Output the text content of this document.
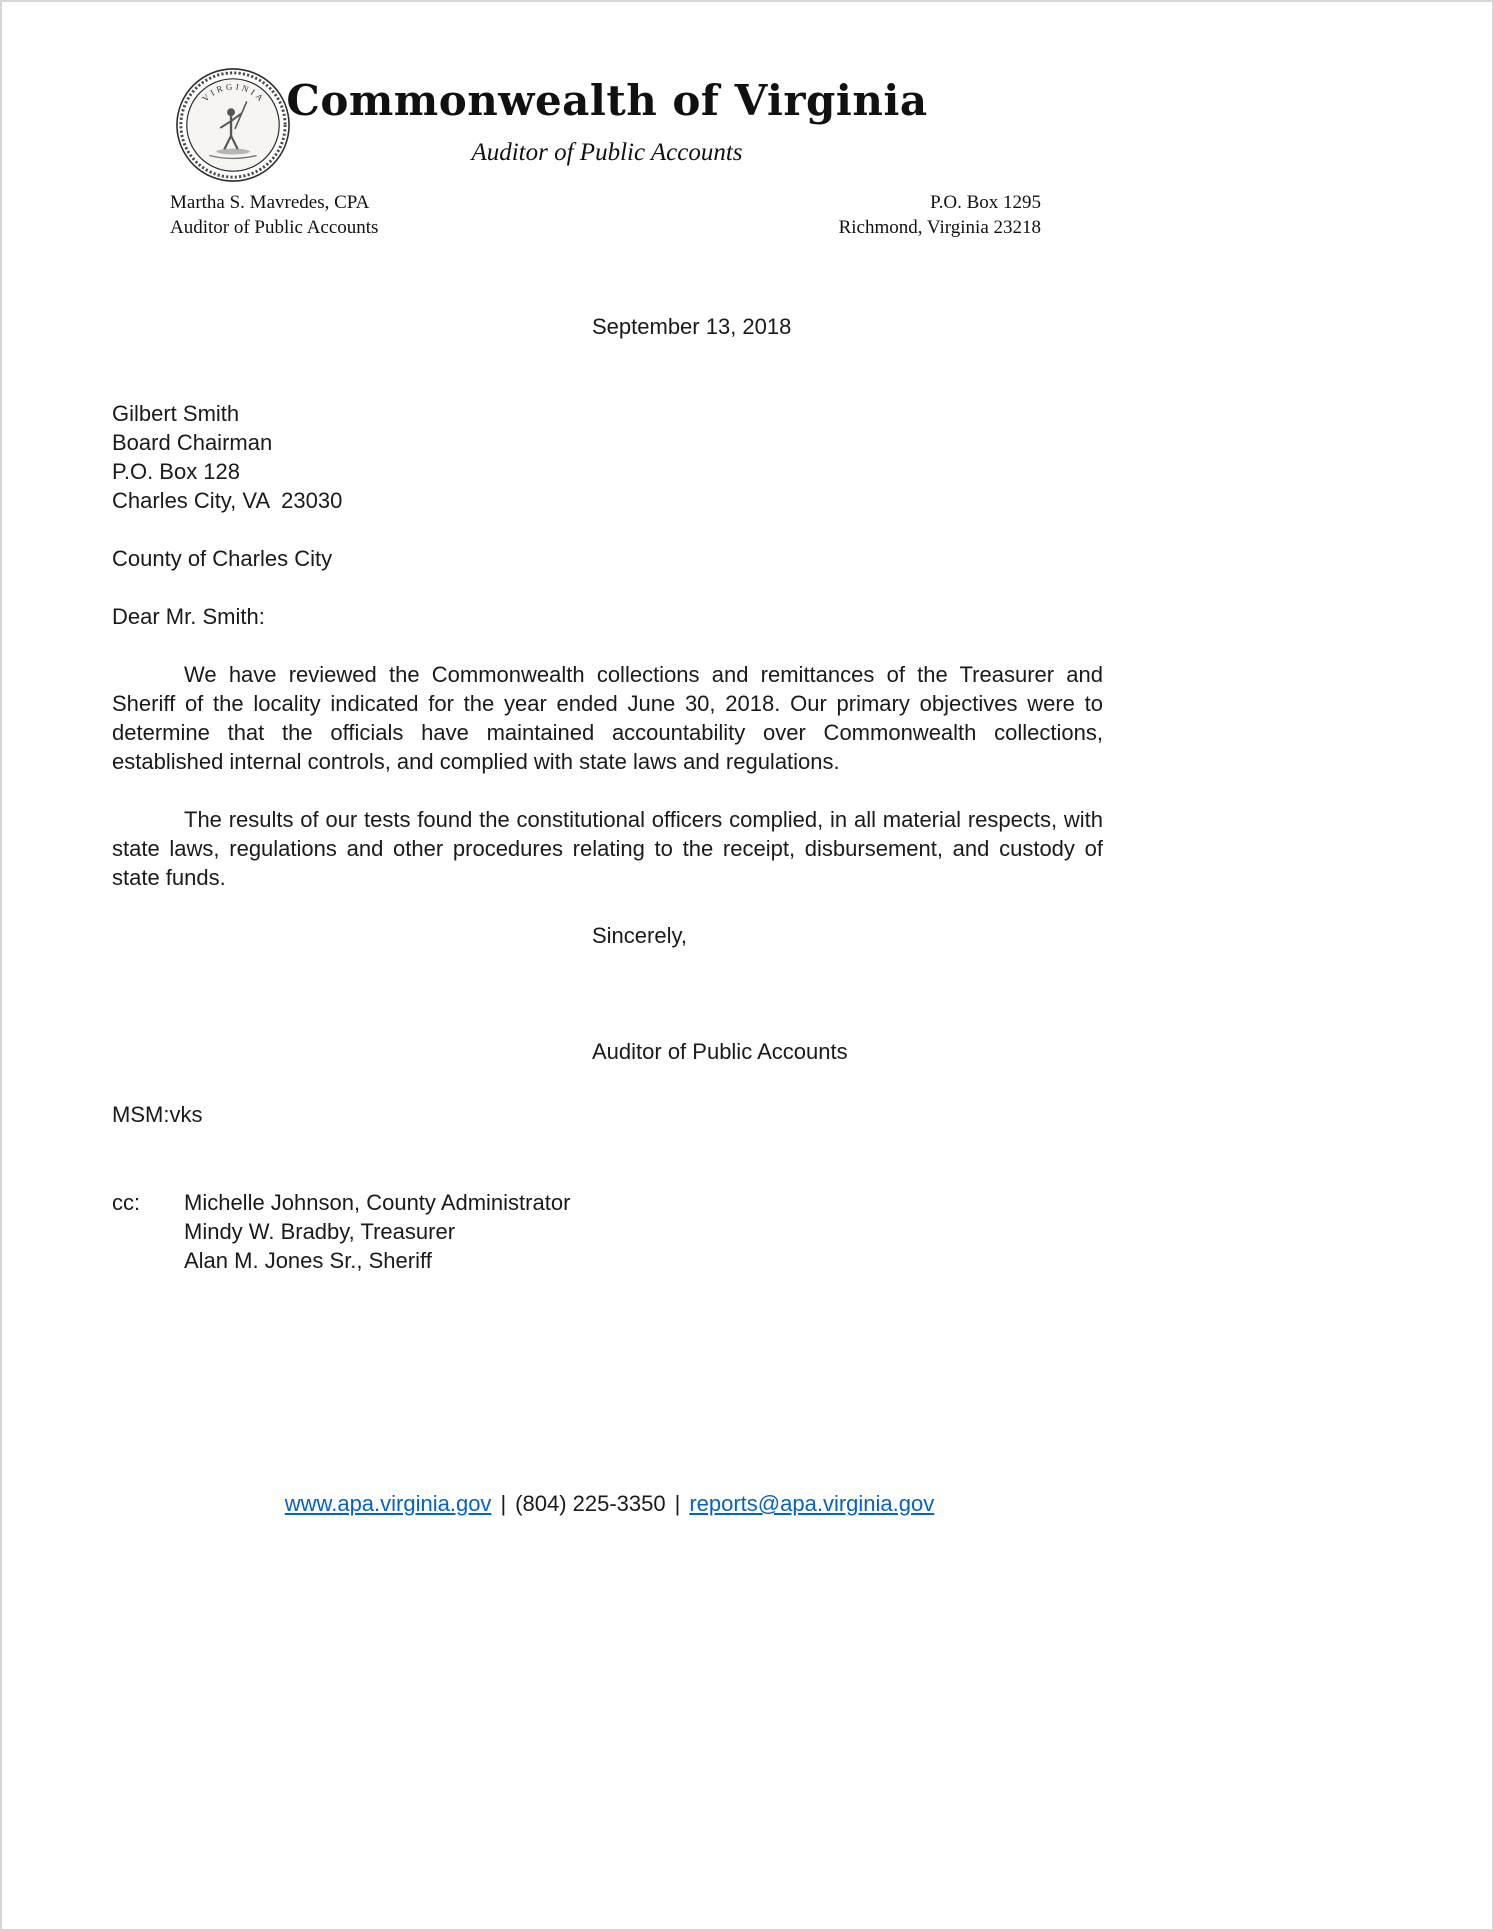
VIRGINIA Commonwealth of Virginia
Auditor of Public Accounts
Martha S. Mavredes, CPA
Auditor of Public Accounts
P.O. Box 1295
Richmond, Virginia 23218
September 13, 2018
Gilbert Smith
Board Chairman
P.O. Box 128
Charles City, VA  23030
County of Charles City
Dear Mr. Smith:

We have reviewed the Commonwealth collections and remittances of the Treasurer and Sheriff of the locality indicated for the year ended June 30, 2018. Our primary objectives were to determine that the officials have maintained accountability over Commonwealth collections, established internal controls, and complied with state laws and regulations.

The results of our tests found the constitutional officers complied, in all material respects, with state laws, regulations and other procedures relating to the receipt, disbursement, and custody of state funds.

Sincerely,
Auditor of Public Accounts
MSM:vks
cc:	Michelle Johnson, County Administrator
Mindy W. Bradby, Treasurer
Alan M. Jones Sr., Sheriff
www.apa.virginia.gov | (804) 225-3350 | reports@apa.virginia.gov
